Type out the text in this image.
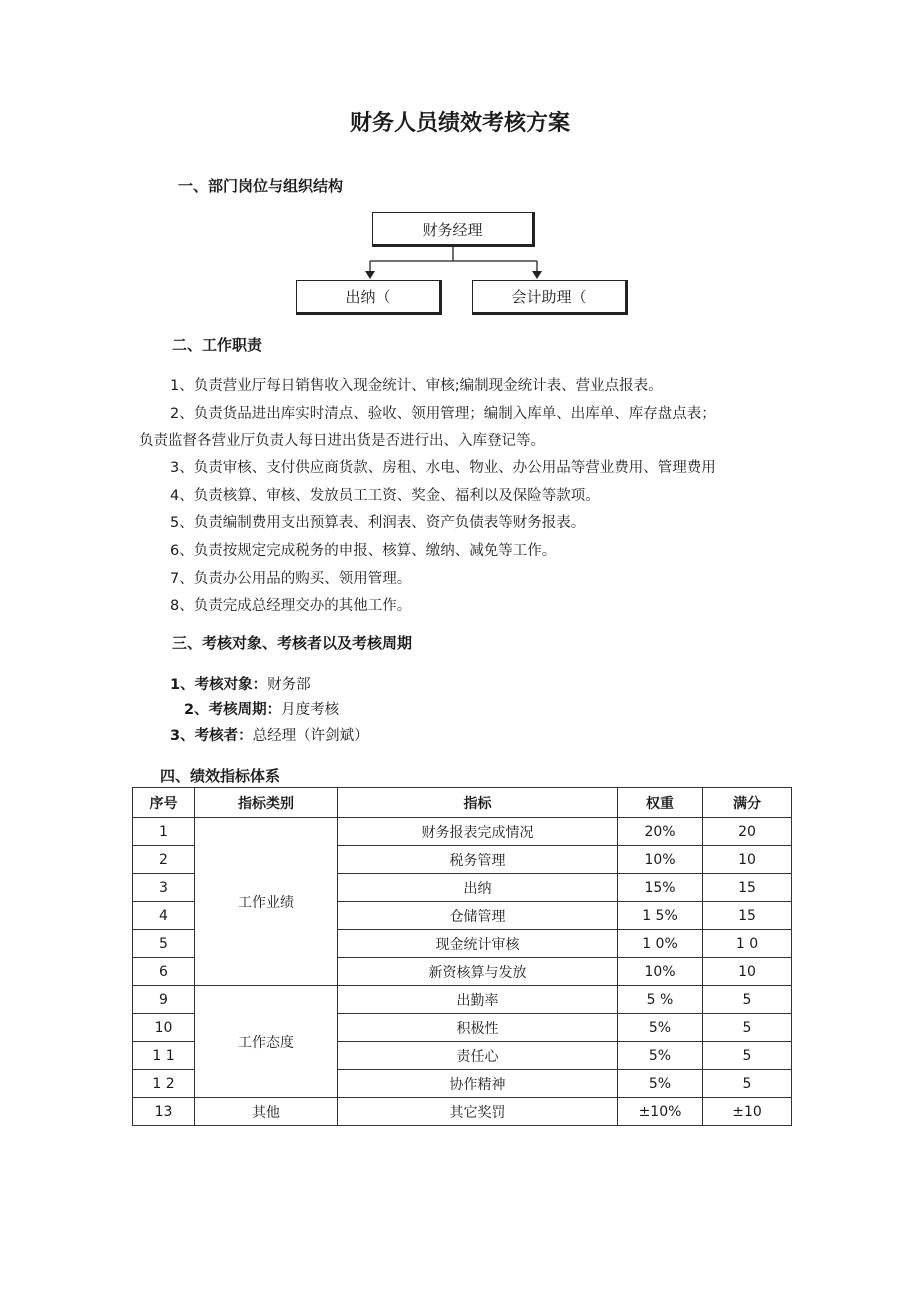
财务人员绩效考核方案
一、部门岗位与组织结构
财务经理
出纳（	会计助理（
二、工作职责
1、负责营业厅每日销售收入现金统计、审核;编制现金统计表、营业点报表。
2、负责货品进出库实时清点、验收、领用管理；编制入库单、出库单、库存盘点表；
负责监督各营业厅负责人每日进出货是否进行出、入库登记等。
3、负责审核、支付供应商货款、房租、水电、物业、办公用品等营业费用、管理费用
4、负责核算、审核、发放员工工资、奖金、福利以及保险等款项。
5、负责编制费用支出预算表、利润表、资产负债表等财务报表。
6、负责按规定完成税务的申报、核算、缴纳、减免等工作。
7、负责办公用品的购买、领用管理。
8、负责完成总经理交办的其他工作。
三、考核对象、考核者以及考核周期
1、考核对象：财务部
2、考核周期：月度考核
3、考核者：总经理（许剑斌）
四、绩效指标体系
序号	指标类别	指标	权重	满分
1	工作业绩	财务报表完成情况	20%	20
2		税务管理	10%	10
3		出纳	15%	15
4		仓储管理	1 5%	15
5		现金统计审核	1 0%	1 0
6		新资核算与发放	10%	10
9	工作态度	出勤率	5 %	5
10		积极性	5%	5
1 1		责任心	5%	5
1 2		协作精神	5%	5
13	其他	其它奖罚	±10%	±10
